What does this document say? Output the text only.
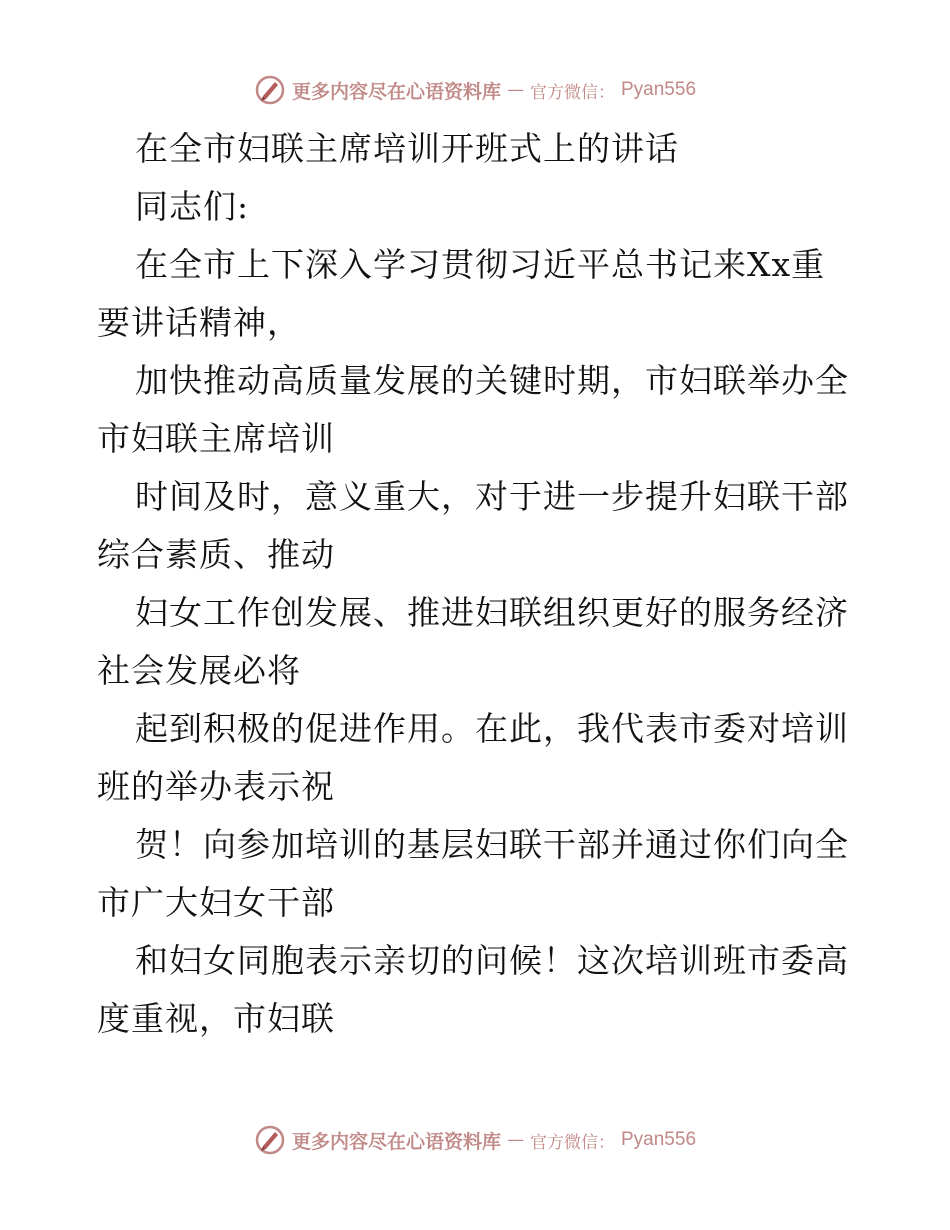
更多内容尽在心语资料库 — 官方微信： Pyan556
在全市妇联主席培训开班式上的讲话
同志们:
在全市上下深入学习贯彻习近平总书记来Xx重
要讲话精神，
加快推动高质量发展的关键时期，市妇联举办全
市妇联主席培训
时间及时，意义重大，对于进一步提升妇联干部
综合素质、推动
妇女工作创发展、推进妇联组织更好的服务经济
社会发展必将
起到积极的促进作用。在此，我代表市委对培训
班的举办表示祝
贺！向参加培训的基层妇联干部并通过你们向全
市广大妇女干部
和妇女同胞表示亲切的问候！这次培训班市委高
度重视，市妇联
更多内容尽在心语资料库 — 官方微信： Pyan556
